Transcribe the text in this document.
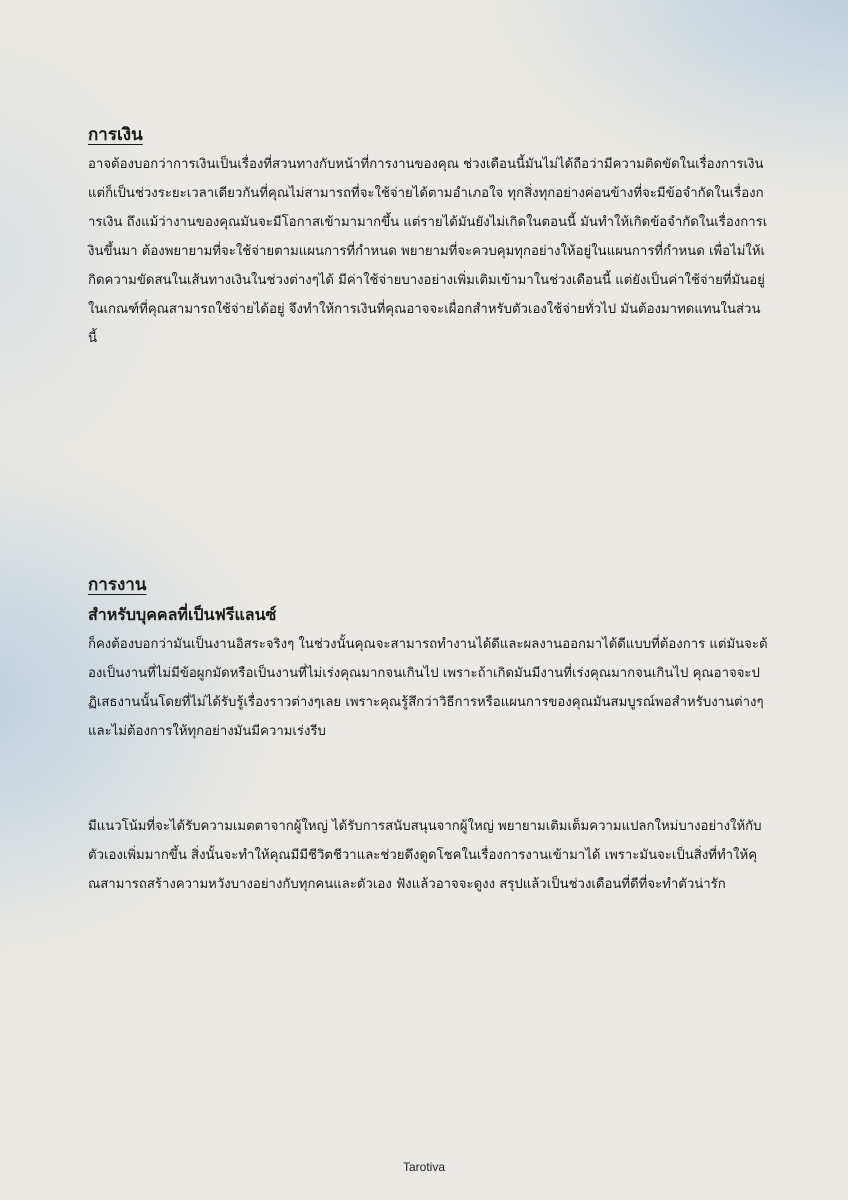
การเงิน

อาจต้องบอกว่าการเงินเป็นเรื่องที่สวนทางกับหน้าที่การงานของคุณ ช่วงเดือนนี้มันไม่ได้ถือว่ามีความติดขัดในเรื่องการเงิน แต่ก็เป็นช่วงระยะเวลาเดียวกันที่คุณไม่สามารถที่จะใช้จ่ายได้ตามอำเภอใจ ทุกสิ่งทุกอย่างค่อนข้างที่จะมีข้อจำกัดในเรื่องการเงิน ถึงแม้ว่างานของคุณมันจะมีโอกาสเข้ามามากขึ้น แต่รายได้มันยังไม่เกิดในตอนนี้ มันทำให้เกิดข้อจำกัดในเรื่องการเงินขึ้นมา ต้องพยายามที่จะใช้จ่ายตามแผนการที่กำหนด พยายามที่จะควบคุมทุกอย่างให้อยู่ในแผนการที่กำหนด เพื่อไม่ให้เกิดความขัดสนในเส้นทางเงินในช่วงต่างๆได้ มีค่าใช้จ่ายบางอย่างเพิ่มเติมเข้ามาในช่วงเดือนนี้ แต่ยังเป็นค่าใช้จ่ายที่มันอยู่ในเกณฑ์ที่คุณสามารถใช้จ่ายได้อยู่ จึงทำให้การเงินที่คุณอาจจะเผื่อกสำหรับตัวเองใช้จ่ายทั่วไป มันต้องมาทดแทนในส่วนนี้

การงาน
สำหรับบุคคลที่เป็นฟรีแลนซ์

ก็คงต้องบอกว่ามันเป็นงานอิสระจริงๆ ในช่วงนั้นคุณจะสามารถทำงานได้ดีและผลงานออกมาได้ดีแบบที่ต้องการ แต่มันจะต้องเป็นงานที่ไม่มีข้อผูกมัดหรือเป็นงานที่ไม่เร่งคุณมากจนเกินไป เพราะถ้าเกิดมันมีงานที่เร่งคุณมากจนเกินไป คุณอาจจะปฏิเสธงานนั้นโดยที่ไม่ได้รับรู้เรื่องราวต่างๆเลย เพราะคุณรู้สึกว่าวิธีการหรือแผนการของคุณมันสมบูรณ์พอสำหรับงานต่างๆ และไม่ต้องการให้ทุกอย่างมันมีความเร่งรีบ

มีแนวโน้มที่จะได้รับความเมตตาจากผู้ใหญ่ ได้รับการสนับสนุนจากผู้ใหญ่ พยายามเติมเต็มความแปลกใหม่บางอย่างให้กับตัวเองเพิ่มมากขึ้น สิ่งนั้นจะทำให้คุณมีมีชีวิตชีวาและช่วยดึงดูดโชคในเรื่องการงานเข้ามาได้ เพราะมันจะเป็นสิ่งที่ทำให้คุณสามารถสร้างความหวังบางอย่างกับทุกคนและตัวเอง ฟังแล้วอาจจะดูงง สรุปแล้วเป็นช่วงเดือนที่ดีที่จะทำตัวน่ารัก

Tarotiva
